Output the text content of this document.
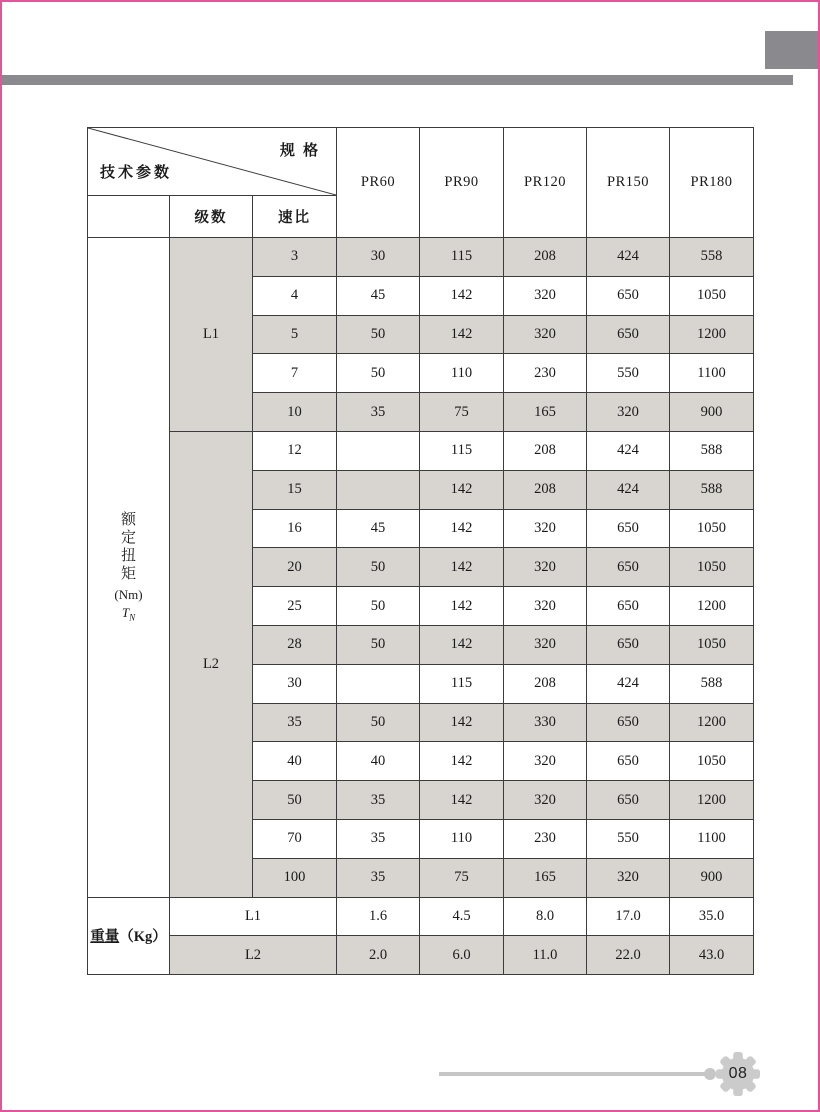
规 格
技术参数			PR60	PR90	PR120	PR150	PR180
	级数	速比					

额
定
扭
矩
(Nm)
$T_N$
	L1	3	30	115	208	424	558
		4	45	142	320	650	1050
		5	50	142	320	650	1200
		7	50	110	230	550	1100
		10	35	75	165	320	900
	L2	12		115	208	424	588
		15		142	208	424	588
		16	45	142	320	650	1050
		20	50	142	320	650	1050
		25	50	142	320	650	1200
		28	50	142	320	650	1050
		30		115	208	424	588
		35	50	142	330	650	1200
		40	40	142	320	650	1050
		50	35	142	320	650	1200
		70	35	110	230	550	1100
		100	35	75	165	320	900
重量（Kg）	L1		1.6	4.5	8.0	17.0	35.0
	L2		2.0	6.0	11.0	22.0	43.0
08
